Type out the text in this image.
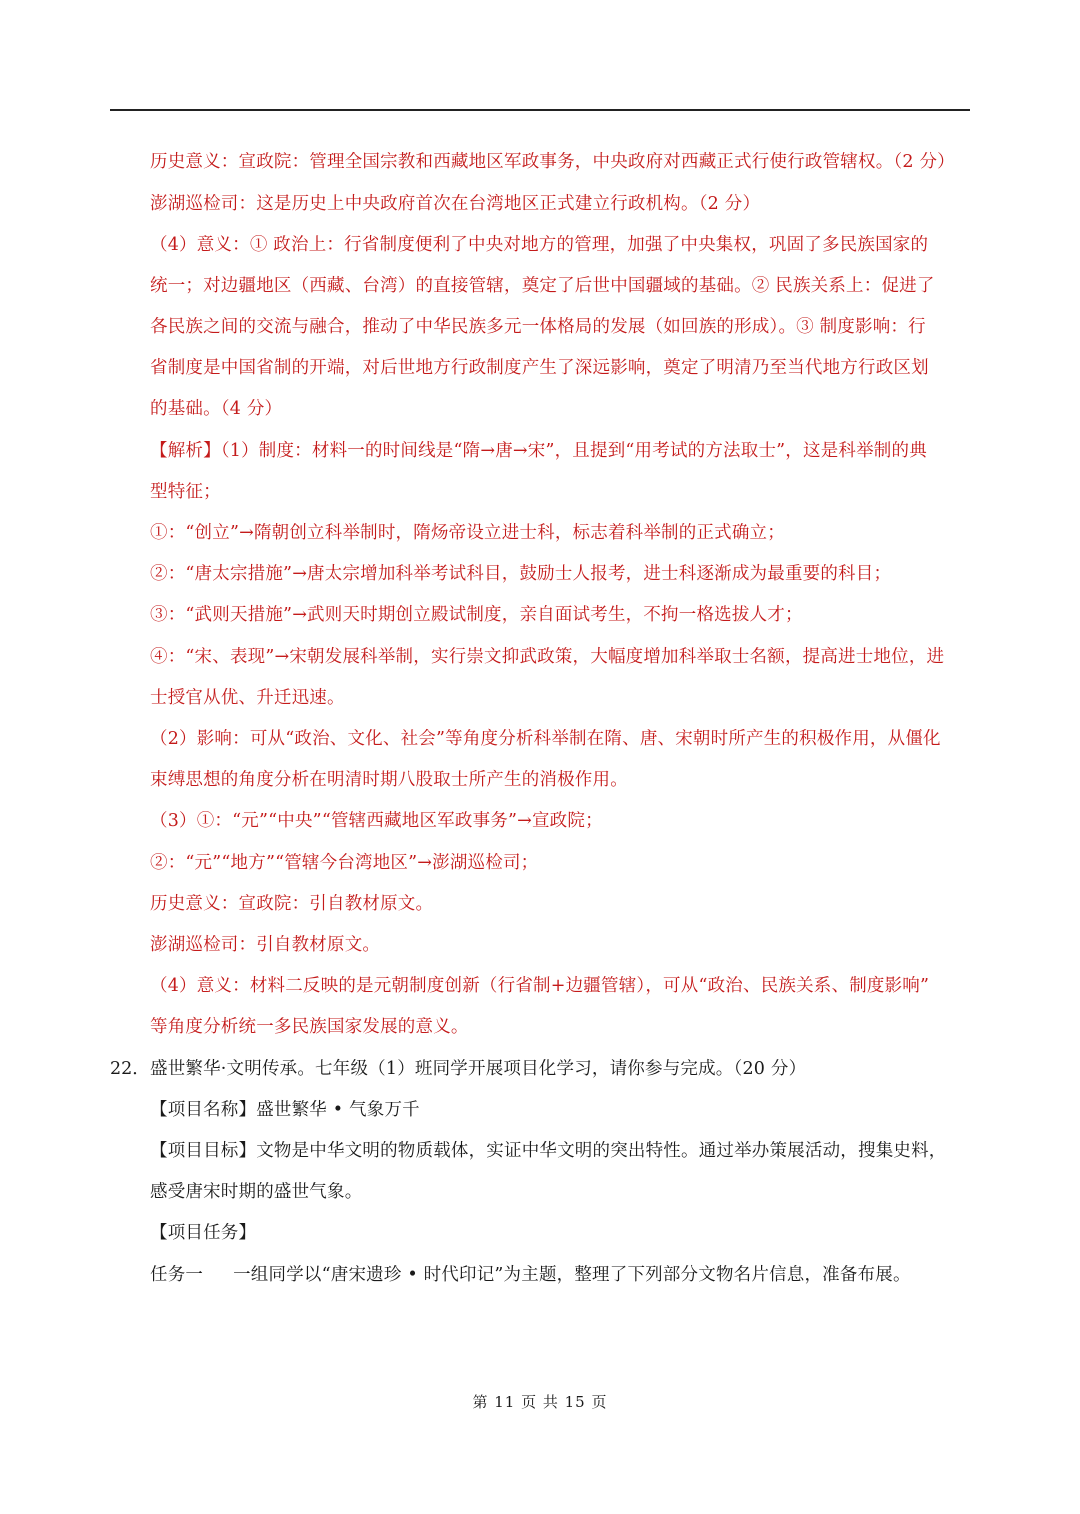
历史意义：宣政院：管理全国宗教和西藏地区军政事务，中央政府对西藏正式行使行政管辖权。（2 分）
澎湖巡检司：这是历史上中央政府首次在台湾地区正式建立行政机构。（2 分）
（4）意义：① 政治上：行省制度便利了中央对地方的管理，加强了中央集权，巩固了多民族国家的
统一；对边疆地区（西藏、台湾）的直接管辖，奠定了后世中国疆域的基础。② 民族关系上：促进了
各民族之间的交流与融合，推动了中华民族多元一体格局的发展（如回族的形成）。③ 制度影响：行
省制度是中国省制的开端，对后世地方行政制度产生了深远影响，奠定了明清乃至当代地方行政区划
的基础。（4 分）
【解析】（1）制度：材料一的时间线是“隋→唐→宋”，且提到“用考试的方法取士”，这是科举制的典
型特征；
①：“创立”→隋朝创立科举制时，隋炀帝设立进士科，标志着科举制的正式确立；
②：“唐太宗措施”→唐太宗增加科举考试科目，鼓励士人报考，进士科逐渐成为最重要的科目；
③：“武则天措施”→武则天时期创立殿试制度，亲自面试考生，不拘一格选拔人才；
④：“宋、表现”→宋朝发展科举制，实行崇文抑武政策，大幅度增加科举取士名额，提高进士地位，进
士授官从优、升迁迅速。
（2）影响：可从“政治、文化、社会”等角度分析科举制在隋、唐、宋朝时所产生的积极作用，从僵化
束缚思想的角度分析在明清时期八股取士所产生的消极作用。
（3）①：“元”“中央”“管辖西藏地区军政事务”→宣政院；
②：“元”“地方”“管辖今台湾地区”→澎湖巡检司；
历史意义：宣政院：引自教材原文。
澎湖巡检司：引自教材原文。
（4）意义：材料二反映的是元朝制度创新（行省制+边疆管辖），可从“政治、民族关系、制度影响”
等角度分析统一多民族国家发展的意义。
22． 盛世繁华·文明传承。七年级（1）班同学开展项目化学习，请你参与完成。（20 分）
【项目名称】盛世繁华 • 气象万千
【项目目标】文物是中华文明的物质载体，实证中华文明的突出特性。通过举办策展活动，搜集史料，
感受唐宋时期的盛世气象。
【项目任务】
任务一 一组同学以“唐宋遗珍 • 时代印记”为主题，整理了下列部分文物名片信息，准备布展。
第 11 页 共 15 页
